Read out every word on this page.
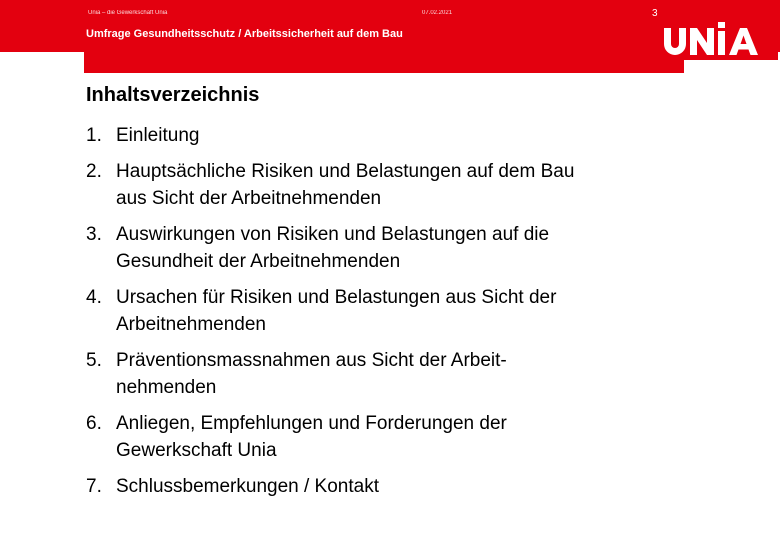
Unia – die Gewerkschaft Unia	07.02.2021	3
Umfrage Gesundheitsschutz / Arbeitssicherheit auf dem Bau
Inhaltsverzeichnis
1. Einleitung
2. Hauptsächliche Risiken und Belastungen auf dem Bau
aus Sicht der Arbeitnehmenden
3. Auswirkungen von Risiken und Belastungen auf die
Gesundheit der Arbeitnehmenden
4. Ursachen für Risiken und Belastungen aus Sicht der
Arbeitnehmenden
5. Präventionsmassnahmen aus Sicht der Arbeit-
nehmenden
6. Anliegen, Empfehlungen und Forderungen der
Gewerkschaft Unia
7. Schlussbemerkungen / Kontakt
